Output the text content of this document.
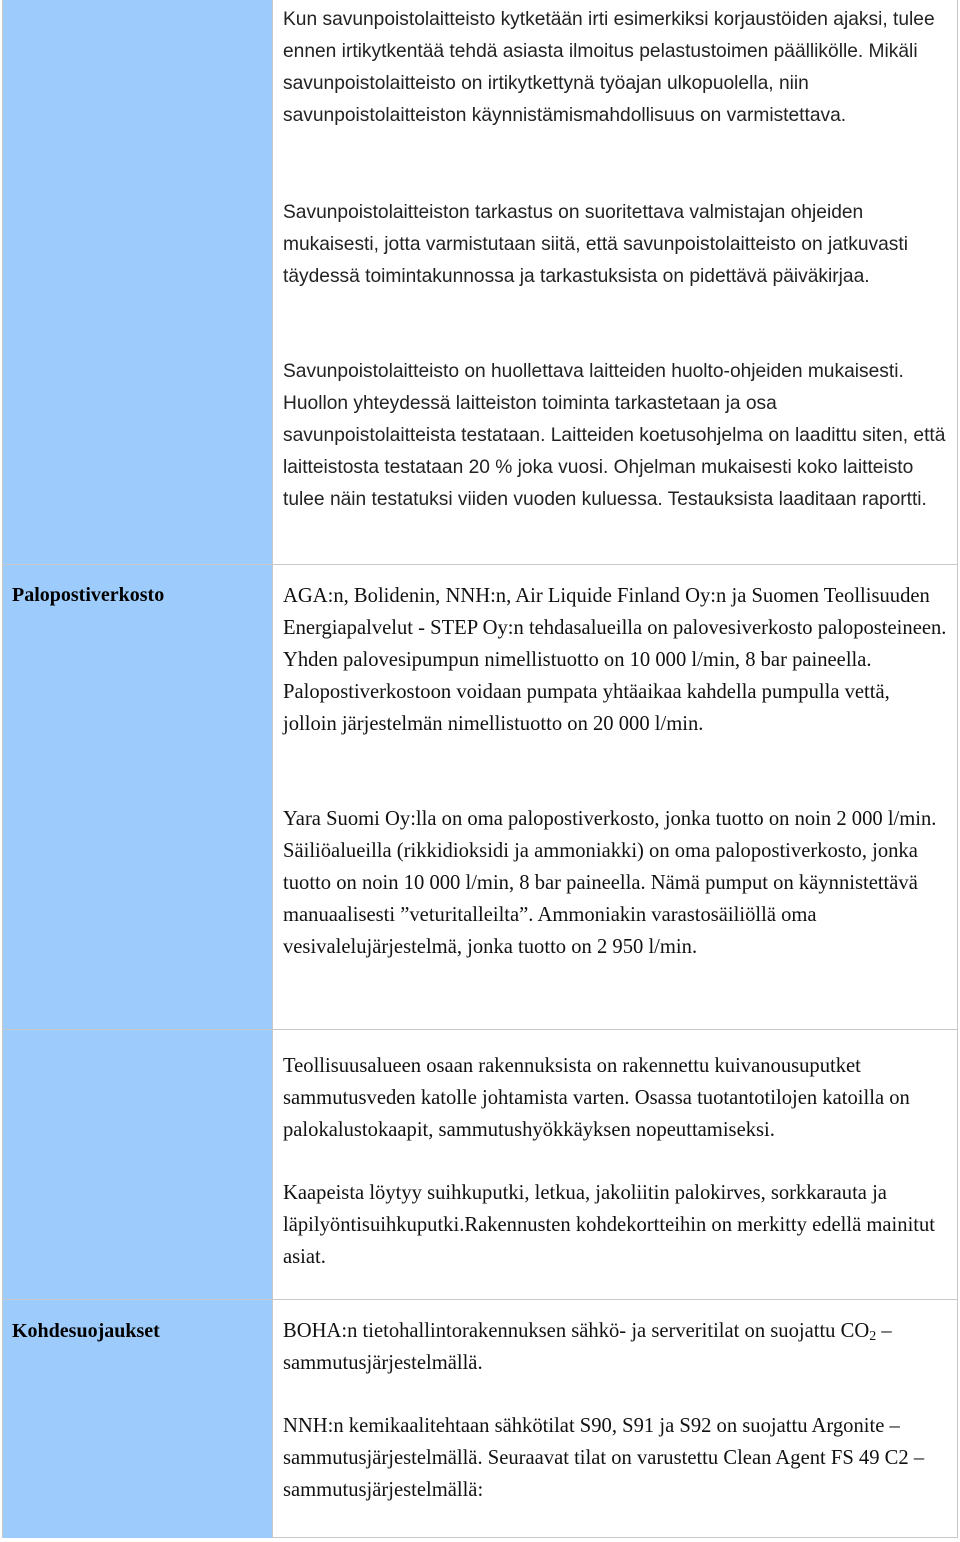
Kun savunpoistolaitteisto kytketään irti esimerkiksi korjaustöiden ajaksi, tulee ennen irtikytkentää tehdä asiasta ilmoitus pelastustoimen päällikölle. Mikäli savunpoistolaitteisto on irtikytkettynä työajan ulkopuolella, niin savunpoistolaitteiston käynnistämismahdollisuus on varmistettava.

Savunpoistolaitteiston tarkastus on suoritettava valmistajan ohjeiden mukaisesti, jotta varmistutaan siitä, että savunpoistolaitteisto on jatkuvasti täydessä toimintakunnossa ja tarkastuksista on pidettävä päiväkirjaa.

Savunpoistolaitteisto on huollettava laitteiden huolto-ohjeiden mukaisesti. Huollon yhteydessä laitteiston toiminta tarkastetaan ja osa savunpoistolaitteista testataan. Laitteiden koetusohjelma on laadittu siten, että laitteistosta testataan 20 % joka vuosi. Ohjelman mukaisesti koko laitteisto tulee näin testatuksi viiden vuoden kuluessa. Testauksista laaditaan raportti.

Palopostiverkosto	AGA:n, Bolidenin, NNH:n, Air Liquide Finland Oy:n ja Suomen Teollisuuden Energiapalvelut - STEP Oy:n tehdasalueilla on palovesiverkosto paloposteineen. Yhden palovesipumpun nimellistuotto on 10 000 l/min, 8 bar paineella. Palopostiverkostoon voidaan pumpata yhtäaikaa kahdella pumpulla vettä, jolloin järjestelmän nimellistuotto on 20 000 l/min.

Yara Suomi Oy:lla on oma palopostiverkosto, jonka tuotto on noin 2 000 l/min. Säiliöalueilla (rikkidioksidi ja ammoniakki) on oma palopostiverkosto, jonka tuotto on noin 10 000 l/min, 8 bar paineella. Nämä pumput on käynnistettävä manuaalisesti ”veturitalleilta”. Ammoniakin varastosäiliöllä oma vesivalelujärjestelmä, jonka tuotto on 2 950 l/min.

Teollisuusalueen osaan rakennuksista on rakennettu kuivanousuputket sammutusveden katolle johtamista varten. Osassa tuotantotilojen katoilla on palokalustokaapit, sammutushyökkäyksen nopeuttamiseksi.

Kaapeista löytyy suihkuputki, letkua, jakoliitin palokirves, sorkkarauta ja läpilyöntisuihkuputki.Rakennusten kohdekortteihin on merkitty edellä mainitut asiat.

Kohdesuojaukset	BOHA:n tietohallintorakennuksen sähkö- ja serveritilat on suojattu $CO_2$ – sammutusjärjestelmällä.

NNH:n kemikaalitehtaan sähkötilat S90, S91 ja S92 on suojattu Argonite – sammutusjärjestelmällä. Seuraavat tilat on varustettu Clean Agent FS 49 C2 – sammutusjärjestelmällä:
